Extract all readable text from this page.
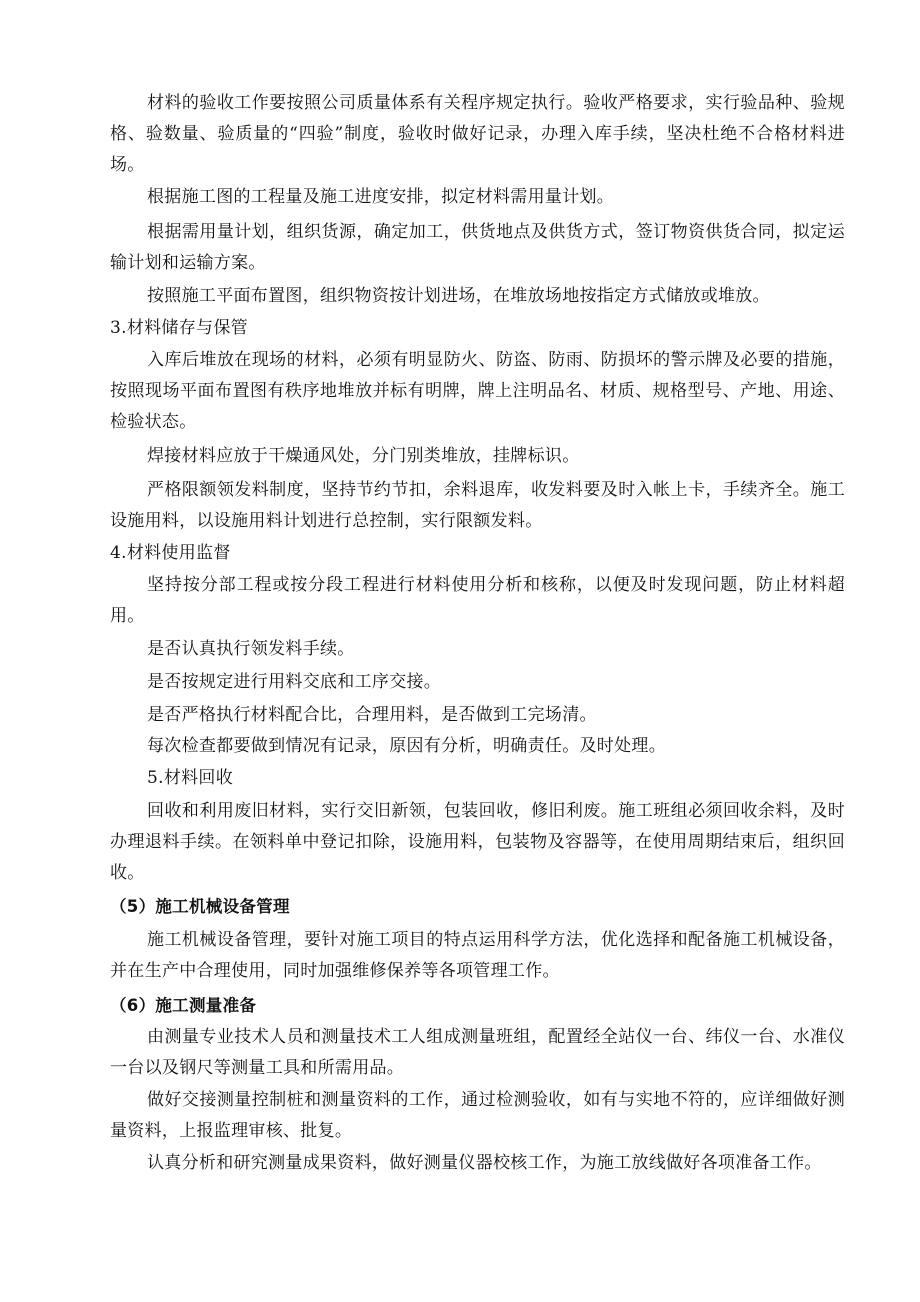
材料的验收工作要按照公司质量体系有关程序规定执行。验收严格要求，实行验品种、验规格、验数量、验质量的“四验”制度，验收时做好记录，办理入库手续，坚决杜绝不合格材料进场。

根据施工图的工程量及施工进度安排，拟定材料需用量计划。

根据需用量计划，组织货源，确定加工，供货地点及供货方式，签订物资供货合同，拟定运输计划和运输方案。

按照施工平面布置图，组织物资按计划进场，在堆放场地按指定方式储放或堆放。

3.材料储存与保管

入库后堆放在现场的材料，必须有明显防火、防盗、防雨、防损坏的警示牌及必要的措施，按照现场平面布置图有秩序地堆放并标有明牌，牌上注明品名、材质、规格型号、产地、用途、检验状态。

焊接材料应放于干燥通风处，分门别类堆放，挂牌标识。

严格限额领发料制度，坚持节约节扣，余料退库，收发料要及时入帐上卡，手续齐全。施工设施用料，以设施用料计划进行总控制，实行限额发料。

4.材料使用监督

坚持按分部工程或按分段工程进行材料使用分析和核称，以便及时发现问题，防止材料超用。

是否认真执行领发料手续。

是否按规定进行用料交底和工序交接。

是否严格执行材料配合比，合理用料，是否做到工完场清。

每次检查都要做到情况有记录，原因有分析，明确责任。及时处理。

5.材料回收

回收和利用废旧材料，实行交旧新领，包装回收，修旧利废。施工班组必须回收余料，及时办理退料手续。在领料单中登记扣除，设施用料，包装物及容器等，在使用周期结束后，组织回收。

（5）施工机械设备管理

施工机械设备管理，要针对施工项目的特点运用科学方法，优化选择和配备施工机械设备，并在生产中合理使用，同时加强维修保养等各项管理工作。

（6）施工测量准备

由测量专业技术人员和测量技术工人组成测量班组，配置经全站仪一台、纬仪一台、水准仪一台以及钢尺等测量工具和所需用品。

做好交接测量控制桩和测量资料的工作，通过检测验收，如有与实地不符的，应详细做好测量资料，上报监理审核、批复。

认真分析和研究测量成果资料，做好测量仪器校核工作，为施工放线做好各项准备工作。
